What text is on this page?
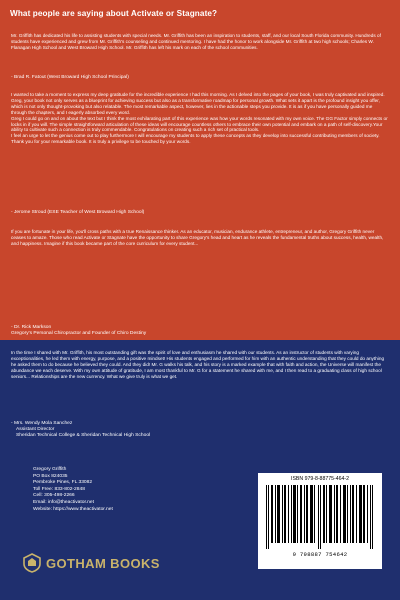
What people are saying about Activate or Stagnate?

Mr. Griffith has dedicated his life to assisting students with special needs. Mr. Griffith has been an inspiration to students, staff, and our local South Florida community. Hundreds of students have experienced and grew from Mr. Griffith's counseling and continued mentoring. I have had the honor to work alongside Mr. Griffith at two high schools; Charles W. Flanagan High School and West Broward High School. Mr. Griffith has left his mark on each of the school communities.

- Brad R. Fatout (West Broward High School Principal)

I wanted to take a moment to express my deep gratitude for the incredible experience I had this morning. As I delved into the pages of your book, I was truly captivated and inspired.

Greg, your book not only serves as a blueprint for achieving success but also as a transformative roadmap for personal growth. What sets it apart is the profound insight you offer, which is not only thought-provoking but also relatable. The most remarkable aspect, however, lies in the actionable steps you provide. It is as if you have personally guided me through the chapters, and I eagerly absorbed every word.

Greg I could go on and on about the text but I think the most exhilarating part of this experience was how your words resonated with my own voice. The GG Factor simply connects or locks in if you will. The simple straightforward articulation of these ideas will encourage countless others to embrace their own potential and embark on a path of self-discovery.Your ability to cultivate such a connection is truly commendable. Congratulations on creating such a rich set of practical tools.

I feel an urge to let the genius come out to play furthermore I will encourage my students to apply these concepts as they develop into successful contributing members of society.

Thank you for your remarkable book. It is truly a privilege to be touched by your words.

- Jerome Stroud (ESE Teacher of West Broward High School)

If you are fortunate in your life, you'll cross paths with a true Renaissance thinker. As an educator, musician, endurance athlete, entrepreneur, and author, Gregory Griffith never ceases to amaze. Those who read Activate or Stagnate have the opportunity to share Gregory's head and heart as he reveals the fundamental truths about success, health, wealth, and happiness. Imagine if this book became part of the core curriculum for every student...

- Dr. Rick Markson
Gregory's Personal Chiropractor and Founder of Chiro Destiny

In the time I shared with Mr. Griffith, his most outstanding gift was the spirit of love and enthusiasm he shared with our students. As an instructor of students with varying exceptionalities, he led them with energy, purpose, and a positive mindset! His students engaged and performed for him with an authentic understanding that they could do anything he asked them to do because he believed they could. And they did! Mr. G walks his talk, and his story is a marked example that with faith and action, the Universe will manifest the abundance we each deserve. With my own attitude of gratitude, I am most thankful to Mr. G for a statement he shared with me, and I then read to a graduating class of high school seniors... Relationships are the new currency. What we give truly is what we get.

- Mrs. Wendy Mola Sanchez
Assistant Director
Sheridan Technical College & Sheridan Technical High School
Gregory Griffith
PO Box 824035
Pembroke Pines, FL 33082
Toll Free: 833-802-2848
Cell: 305-498-2266
Email: info@theactivator.net
Website: https://www.theactivator.net
ISBN 979-8-88775-464-2
9 798887 754642
GOTHAM BOOKS
